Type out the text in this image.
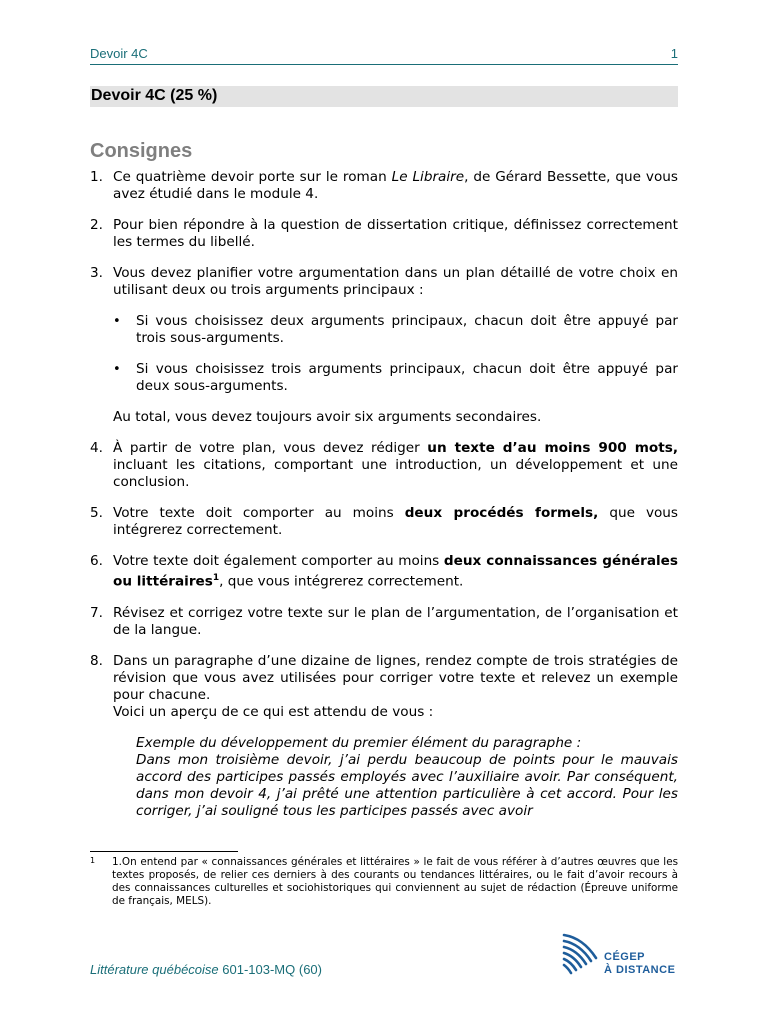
Devoir 4C	1
Devoir 4C (25 %)
Consignes
1. Ce quatrième devoir porte sur le roman Le Libraire, de Gérard Bessette, que vous avez étudié dans le module 4.

2. Pour bien répondre à la question de dissertation critique, définissez correctement les termes du libellé.

3. Vous devez planifier votre argumentation dans un plan détaillé de votre choix en utilisant deux ou trois arguments principaux :

• Si vous choisissez deux arguments principaux, chacun doit être appuyé par trois sous-arguments.
• Si vous choisissez trois arguments principaux, chacun doit être appuyé par deux sous-arguments.

Au total, vous devez toujours avoir six arguments secondaires.

4. À partir de votre plan, vous devez rédiger un texte d’au moins 900 mots, incluant les citations, comportant une introduction, un développement et une conclusion.

5. Votre texte doit comporter au moins deux procédés formels, que vous intégrerez correctement.

6. Votre texte doit également comporter au moins deux connaissances générales ou littéraires$^1$, que vous intégrerez correctement.

7. Révisez et corrigez votre texte sur le plan de l’argumentation, de l’organisation et de la langue.

8. Dans un paragraphe d’une dizaine de lignes, rendez compte de trois stratégies de révision que vous avez utilisées pour corriger votre texte et relevez un exemple pour chacune.

Voici un aperçu de ce qui est attendu de vous :

Exemple du développement du premier élément du paragraphe :

Dans mon troisième devoir, j’ai perdu beaucoup de points pour le mauvais accord des participes passés employés avec l’auxiliaire avoir. Par conséquent, dans mon devoir 4, j’ai prêté une attention particulière à cet accord. Pour les corriger, j’ai souligné tous les participes passés avec avoir

1 1.On entend par « connaissances générales et littéraires » le fait de vous référer à d’autres œuvres que les textes proposés, de relier ces derniers à des courants ou tendances littéraires, ou le fait d’avoir recours à des connaissances culturelles et sociohistoriques qui conviennent au sujet de rédaction (Épreuve uniforme de français, MELS).
Littérature québécoise 601-103-MQ (60)
CÉGEP
À DISTANCE
